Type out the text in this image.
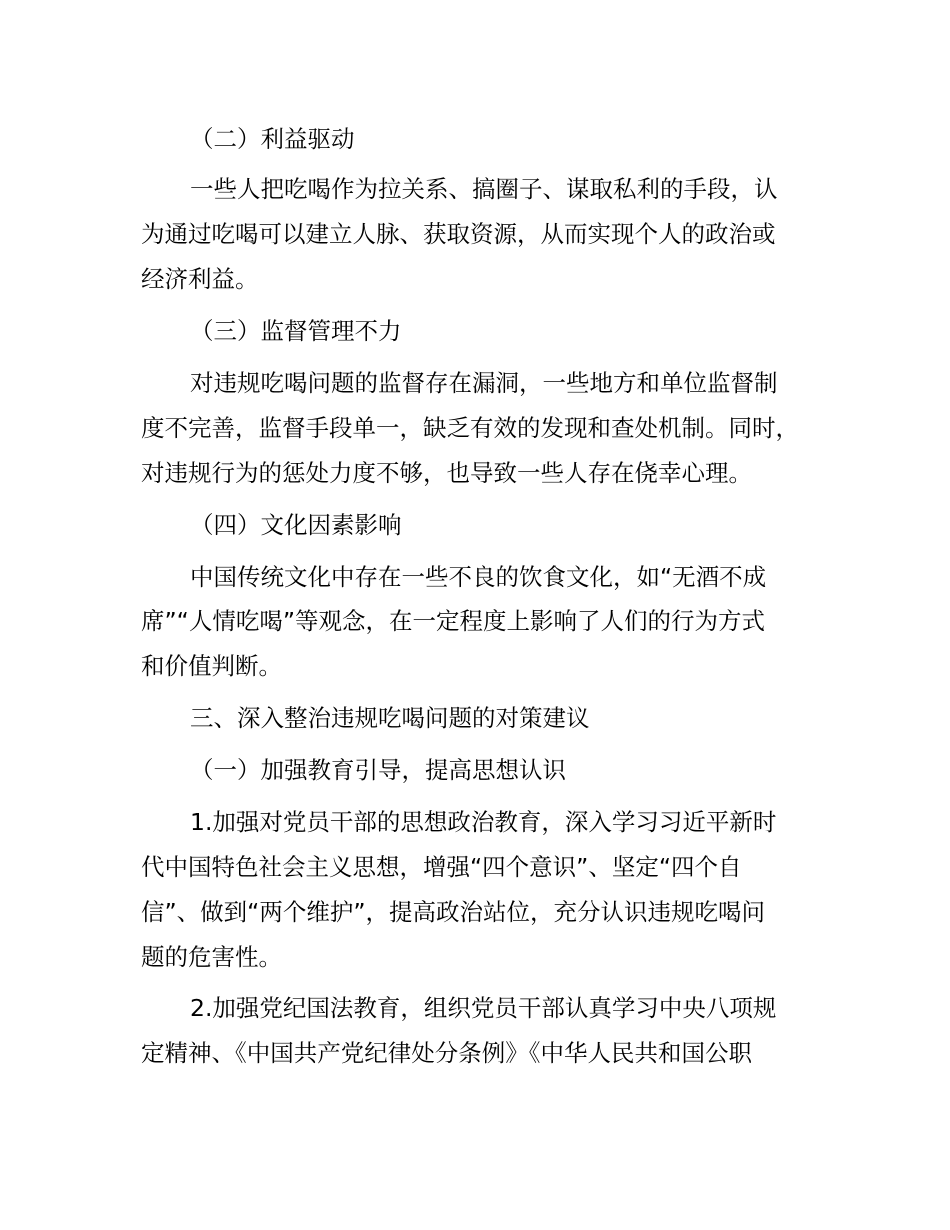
（二）利益驱动
一些人把吃喝作为拉关系、搞圈子、谋取私利的手段，认
为通过吃喝可以建立人脉、获取资源，从而实现个人的政治或
经济利益。
（三）监督管理不力
对违规吃喝问题的监督存在漏洞，一些地方和单位监督制
度不完善，监督手段单一，缺乏有效的发现和查处机制。同时，
对违规行为的惩处力度不够，也导致一些人存在侥幸心理。
（四）文化因素影响
中国传统文化中存在一些不良的饮食文化，如“无酒不成
席”“人情吃喝”等观念，在一定程度上影响了人们的行为方式
和价值判断。
三、深入整治违规吃喝问题的对策建议
（一）加强教育引导，提高思想认识
1.加强对党员干部的思想政治教育，深入学习习近平新时
代中国特色社会主义思想，增强“四个意识”、坚定“四个自
信”、做到“两个维护”，提高政治站位，充分认识违规吃喝问
题的危害性。
2.加强党纪国法教育，组织党员干部认真学习中央八项规
定精神、《中国共产党纪律处分条例》《中华人民共和国公职
